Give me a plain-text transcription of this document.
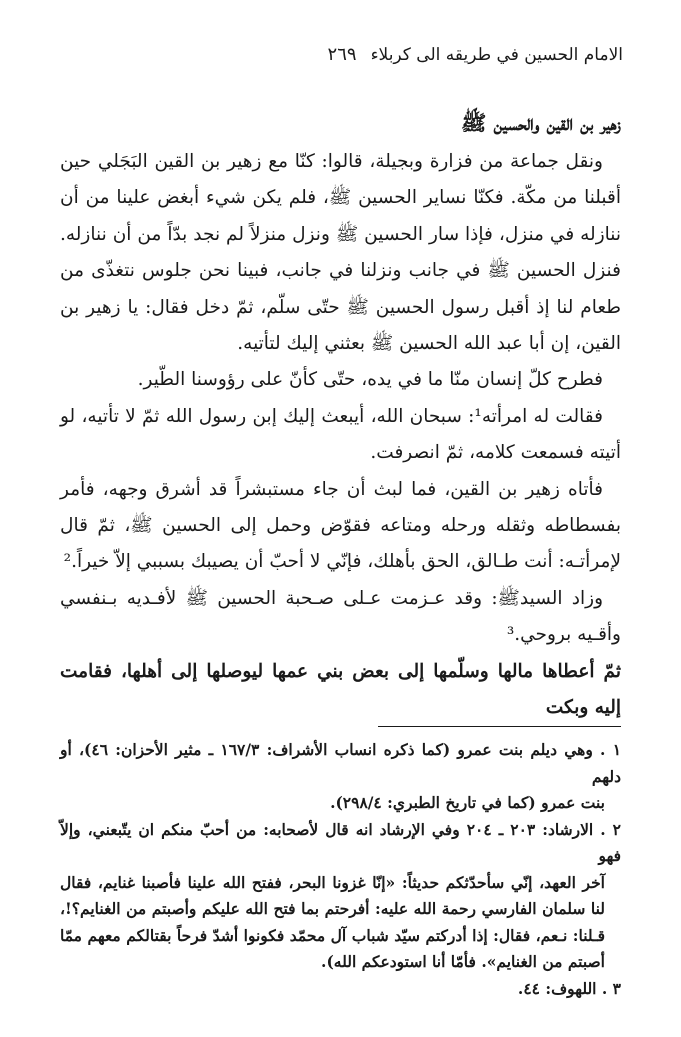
الامام الحسين في طريقه الى كربلاء
٢٦٩
زهير بن القين والحسين ﷺ

ونقل جماعة من فزارة وبجيلة، قالوا: كنّا مع زهير بن القين البَجَلي حين أقبلنا من مكّة. فكنّا نساير الحسين ﷺ، فلم يكن شيء أبغض علينا من أن ننازله في منزل، فإذا سار الحسين ﷺ ونزل منزلاً لم نجد بدّاً من أن ننازله. فنزل الحسين ﷺ في جانب ونزلنا في جانب، فبينا نحن جلوس نتغذّى من طعام لنا إذ أقبل رسول الحسين ﷺ حتّى سلّم، ثمّ دخل فقال: يا زهير بن القين، إن أبا عبد الله الحسين ﷺ بعثني إليك لتأتيه.

فطرح كلّ إنسان منّا ما في يده، حتّى كأنّ على رؤوسنا الطّير.

فقالت له امرأته¹: سبحان الله، أيبعث إليك إبن رسول الله ثمّ لا تأتيه، لو أتيته فسمعت كلامه، ثمّ انصرفت.

فأتاه زهير بن القين، فما لبث أن جاء مستبشراً قد أشرق وجهه، فأمر بفسطاطه وثقله ورحله ومتاعه فقوّض وحمل إلى الحسين ﷺ، ثمّ قال لإمرأتـه: أنت طـالق، الحق بأهلك، فإنّي لا أحبّ أن يصيبك بسببي إلاّ خيراً.²

وزاد السيدﷺ: وقد عـزمت عـلى صـحبة الحسين ﷺ لأفـديه بـنفسي وأقـيه بروحي.³

ثمّ أعطاها مالها وسلّمها إلى بعض بني عمها ليوصلها إلى أهلها، فقامت إليه وبكت

١ . وهي ديلم بنت عمرو (كما ذكره انساب الأشراف: ١٦٧/٣ ـ مثير الأحزان: ٤٦)، أو دلهم
بنت عمرو (كما في تاريخ الطبري: ٢٩٨/٤).

٢ . الارشاد: ٢٠٣ ـ ٢٠٤ وفي الإرشاد انه قال لأصحابه: من أحبّ منكم ان يتّبعني، وإلاّ فهو
آخر العهد، إنّي سأحدّثكم حديثاً: «إنّا غزونا البحر، ففتح الله علينا فأصبنا غنايم، فقال لنا سلمان الفارسي رحمة الله عليه: أفرحتم بما فتح الله عليكم وأصبتم من الغنايم؟!، قـلنا: نـعم، فقال: إذا أدركتم سيّد شباب آل محمّد فكونوا أشدّ فرحاً بقتالكم معهم ممّا أصبتم من الغنايم». فأمّا أنا استودعكم الله).

٣ . اللهوف: ٤٤.
